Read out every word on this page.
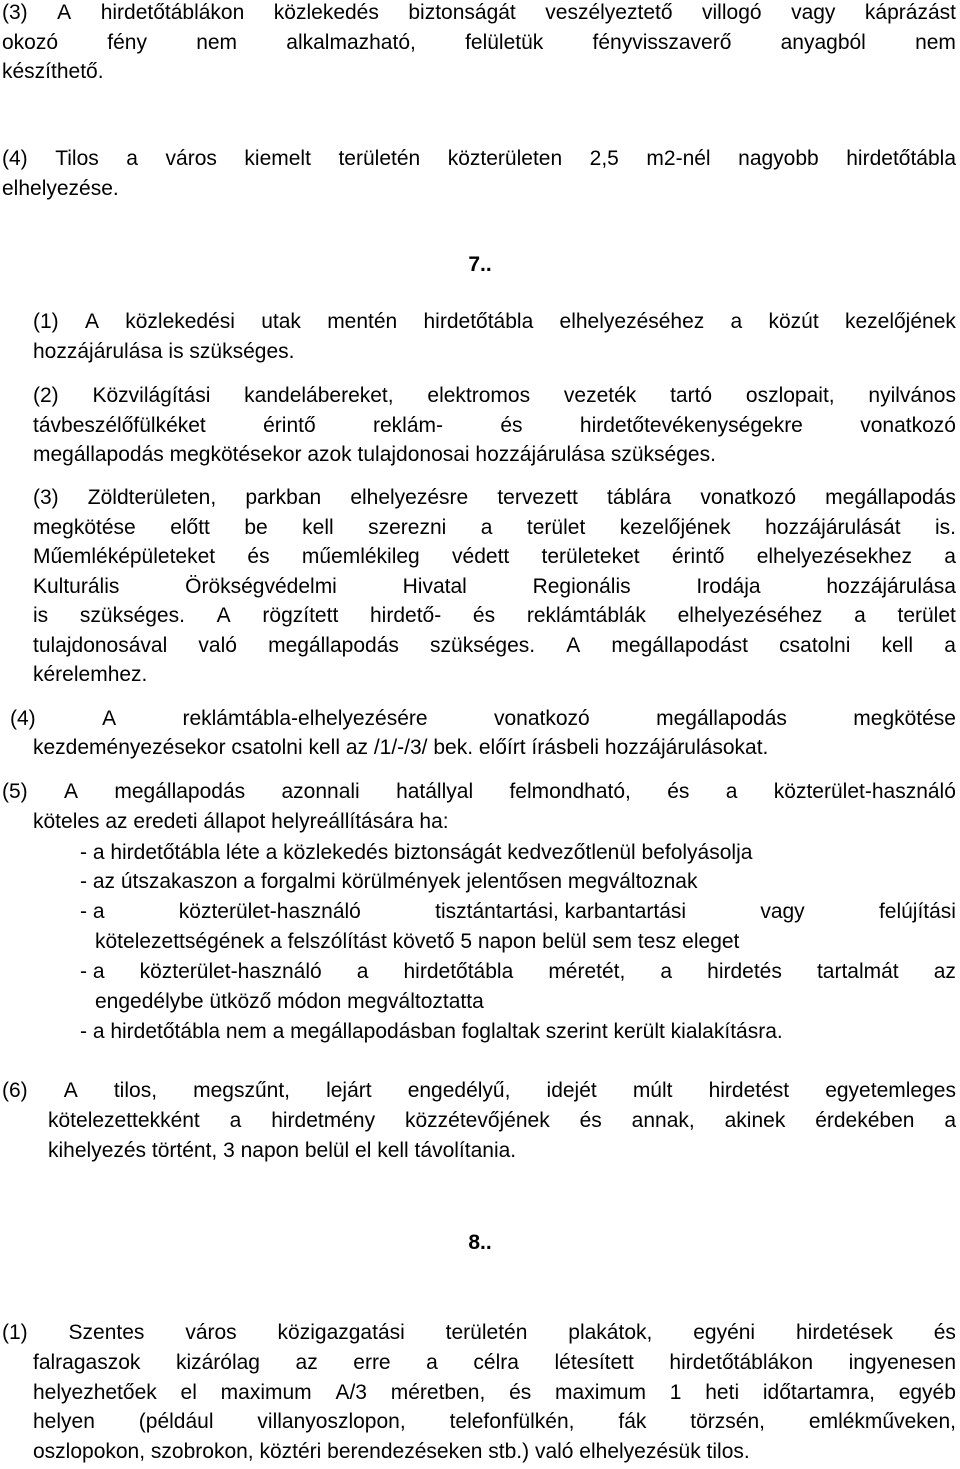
(3) A hirdetőtáblákon közlekedés biztonságát veszélyeztető villogó vagy káprázást
okozó fény nem alkalmazható, felületük fényvisszaverő anyagból nem
készíthető.
(4) Tilos a város kiemelt területén közterületen 2,5 m2-nél nagyobb hirdetőtábla
elhelyezése.
7..
(1) A közlekedési utak mentén hirdetőtábla elhelyezéséhez a közút kezelőjének
hozzájárulása is szükséges.
(2) Közvilágítási kandelábereket, elektromos vezeték tartó oszlopait, nyilvános
távbeszélőfülkéket	érintő	reklám-	és	hirdetőtevékenységekre	vonatkozó
megállapodás megkötésekor azok tulajdonosai hozzájárulása szükséges.
(3) Zöldterületen, parkban elhelyezésre tervezett táblára vonatkozó megállapodás
megkötése előtt be kell szerezni a terület kezelőjének hozzájárulását is.
Műemléképületeket és műemlékileg védett területeket érintő elhelyezésekhez a
Kulturális	Örökségvédelmi	Hivatal	Regionális	Irodája	hozzájárulása
is szükséges. A rögzített hirdető- és reklámtáblák elhelyezéséhez a terület
tulajdonosával való megállapodás szükséges. A megállapodást csatolni kell a
kérelemhez.
(4)	A	reklámtábla-elhelyezésére	vonatkozó	megállapodás	megkötése
kezdeményezésekor csatolni kell az /1/-/3/ bek. előírt írásbeli hozzájárulásokat.
(5) A megállapodás azonnali hatállyal felmondható, és a közterület-használó
köteles az eredeti állapot helyreállítására ha:
- a hirdetőtábla léte a közlekedés biztonságát kedvezőtlenül befolyásolja
- az útszakaszon a forgalmi körülmények jelentősen megváltoznak
- a	közterület-használó	tisztántartási, karbantartási	vagy	felújítási
kötelezettségének a felszólítást követő 5 napon belül sem tesz eleget
- a közterület-használó a hirdetőtábla méretét, a hirdetés tartalmát az
engedélybe ütköző módon megváltoztatta
- a hirdetőtábla nem a megállapodásban foglaltak szerint került kialakításra.
(6) A tilos, megszűnt, lejárt engedélyű, idejét múlt hirdetést egyetemleges
kötelezettekként a hirdetmény közzétevőjének és annak, akinek érdekében a
kihelyezés történt, 3 napon belül el kell távolítania.
8..
(1) Szentes város közigazgatási területén plakátok, egyéni hirdetések és
falragaszok kizárólag az erre a célra létesített hirdetőtáblákon ingyenesen
helyezhetőek el maximum A/3 méretben, és maximum 1 heti időtartamra, egyéb
helyen (például villanyoszlopon, telefonfülkén, fák törzsén, emlékműveken,
oszlopokon, szobrokon, köztéri berendezéseken stb.) való elhelyezésük tilos.
